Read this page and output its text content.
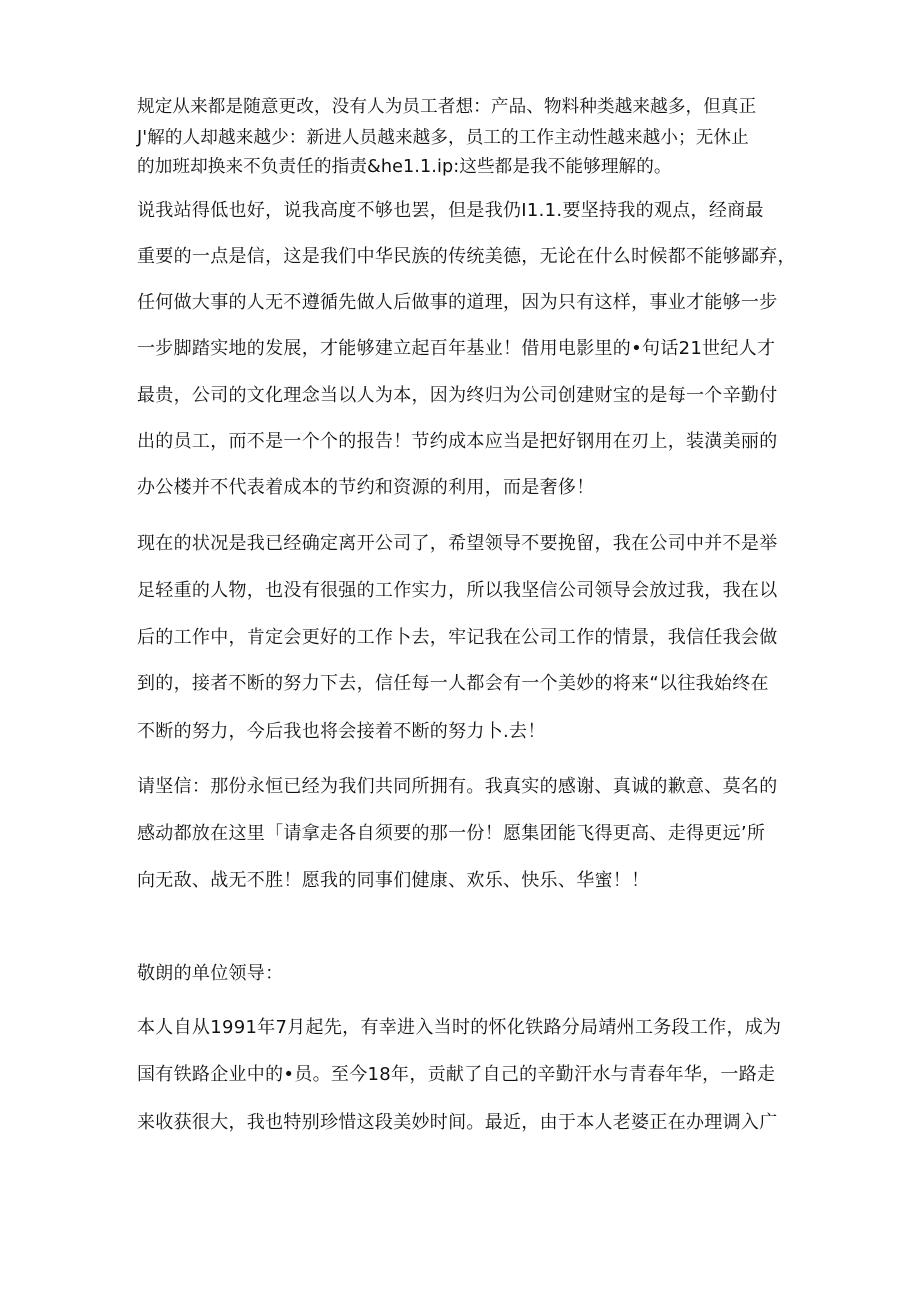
规定从来都是随意更改，没有人为员工者想：产品、物料种类越来越多，但真正
J'解的人却越来越少：新进人员越来越多，员工的工作主动性越来越小；无休止
的加班却换来不负责任的指责&he1.1.ip:这些都是我不能够理解的。
说我站得低也好，说我高度不够也罢，但是我仍I1.1.要坚持我的观点，经商最
重要的一点是信，这是我们中华民族的传统美德，无论在什么时候都不能够鄙弃，
任何做大事的人无不遵循先做人后做事的道理，因为只有这样，事业才能够一步
一步脚踏实地的发展，才能够建立起百年基业！借用电影里的•句话21世纪人才
最贵，公司的文化理念当以人为本，因为终归为公司创建财宝的是每一个辛勤付
出的员工，而不是一个个的报告！节约成本应当是把好钢用在刃上，装潢美丽的
办公楼并不代表着成本的节约和资源的利用，而是奢侈！
现在的状况是我已经确定离开公司了，希望领导不要挽留，我在公司中并不是举
足轻重的人物，也没有很强的工作实力，所以我坚信公司领导会放过我，我在以
后的工作中，肯定会更好的工作卜去，牢记我在公司工作的情景，我信任我会做
到的，接者不断的努力下去，信任每一人都会有一个美妙的将来“以往我始终在
不断的努力，今后我也将会接着不断的努力卜.去！
请坚信：那份永恒已经为我们共同所拥有。我真实的感谢、真诚的歉意、莫名的
感动都放在这里「请拿走各自须要的那一份！愿集团能飞得更高、走得更远’所
向无敌、战无不胜！愿我的同事们健康、欢乐、快乐、华蜜！！
敬朗的单位领导：
本人自从1991年7月起先，有幸进入当时的怀化铁路分局靖州工务段工作，成为
国有铁路企业中的•员。至今18年，贡献了自己的辛勤汗水与青春年华，一路走
来收获很大，我也特别珍惜这段美妙时间。最近，由于本人老婆正在办理调入广
